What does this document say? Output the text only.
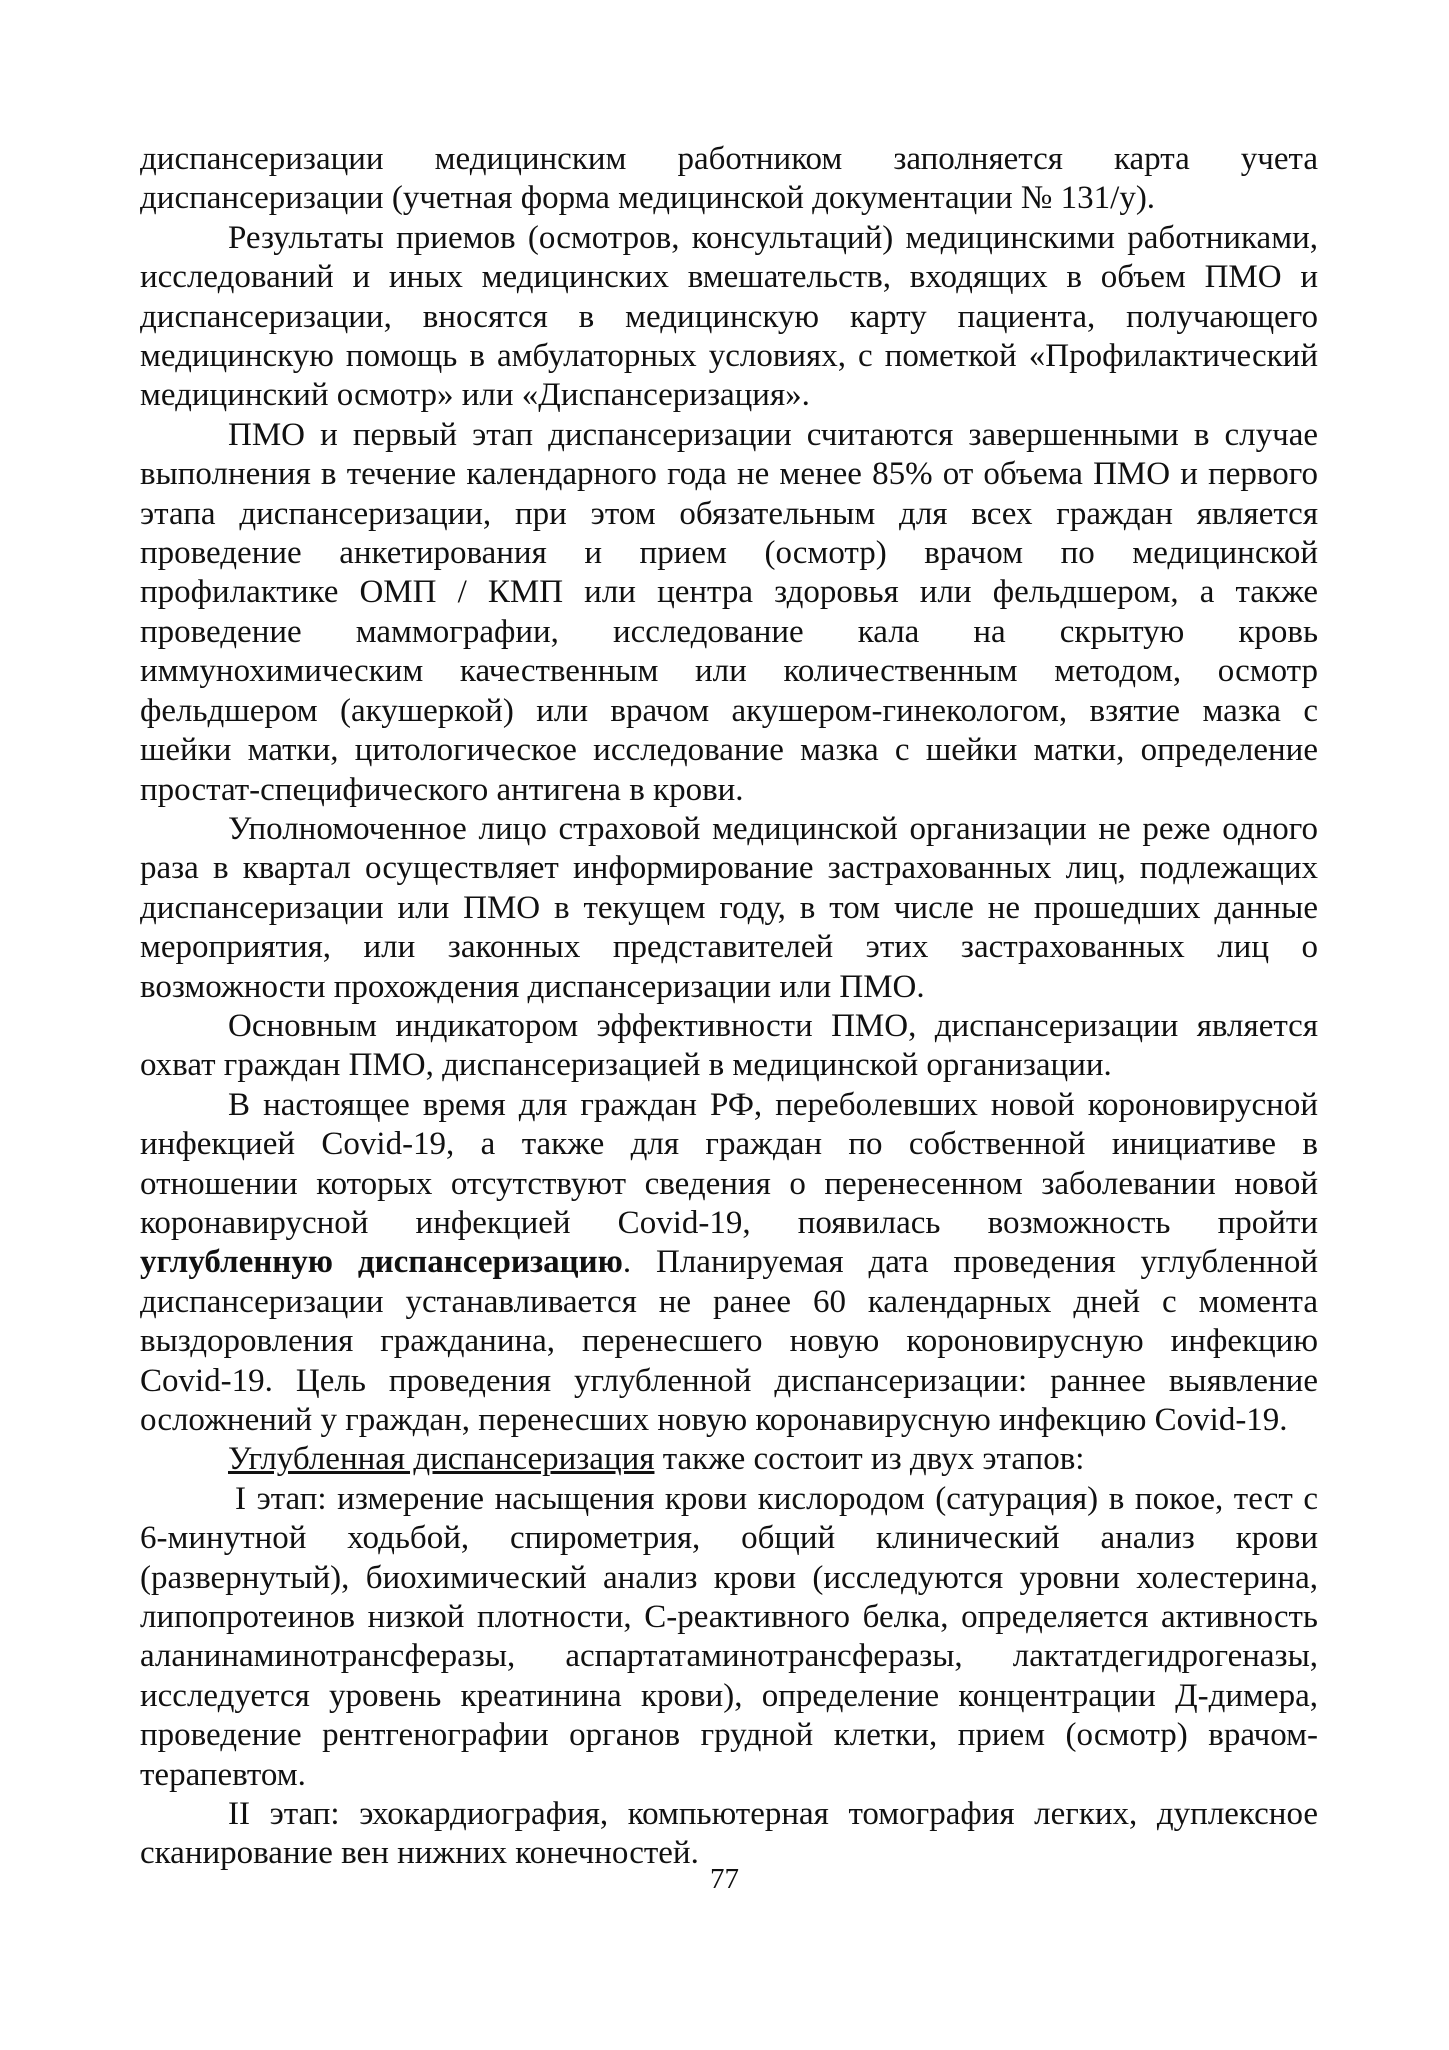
диспансеризации медицинским работником заполняется карта учета диспансеризации (учетная форма медицинской документации № 131/у).

Результаты приемов (осмотров, консультаций) медицинскими работниками, исследований и иных медицинских вмешательств, входящих в объем ПМО и диспансеризации, вносятся в медицинскую карту пациента, получающего медицинскую помощь в амбулаторных условиях, с пометкой «Профилактический медицинский осмотр» или «Диспансеризация».

ПМО и первый этап диспансеризации считаются завершенными в случае выполнения в течение календарного года не менее 85% от объема ПМО и первого этапа диспансеризации, при этом обязательным для всех граждан является проведение анкетирования и прием (осмотр) врачом по медицинской профилактике ОМП / КМП или центра здоровья или фельдшером, а также проведение маммографии, исследование кала на скрытую кровь иммунохимическим качественным или количественным методом, осмотр фельдшером (акушеркой) или врачом акушером-гинекологом, взятие мазка с шейки матки, цитологическое исследование мазка с шейки матки, определение простат-специфического антигена в крови.

Уполномоченное лицо страховой медицинской организации не реже одного раза в квартал осуществляет информирование застрахованных лиц, подлежащих диспансеризации или ПМО в текущем году, в том числе не прошедших данные мероприятия, или законных представителей этих застрахованных лиц о возможности прохождения диспансеризации или ПМО.

Основным индикатором эффективности ПМО, диспансеризации является охват граждан ПМО, диспансеризацией в медицинской организации.

В настоящее время для граждан РФ, переболевших новой короновирусной инфекцией Covid-19, а также для граждан по собственной инициативе в отношении которых отсутствуют сведения о перенесенном заболевании новой коронавирусной инфекцией Covid-19, появилась возможность пройти углубленную диспансеризацию. Планируемая дата проведения углубленной диспансеризации устанавливается не ранее 60 календарных дней с момента выздоровления гражданина, перенесшего новую короновирусную инфекцию Covid-19. Цель проведения углубленной диспансеризации: раннее выявление осложнений у граждан, перенесших новую коронавирусную инфекцию Covid-19.

Углубленная диспансеризация также состоит из двух этапов:

I этап: измерение насыщения крови кислородом (сатурация) в покое, тест с 6-минутной ходьбой, спирометрия, общий клинический анализ крови (развернутый), биохимический анализ крови (исследуются уровни холестерина, липопротеинов низкой плотности, С-реактивного белка, определяется активность аланинаминотрансферазы, аспартатаминотрансферазы, лактатдегидрогеназы, исследуется уровень креатинина крови), определение концентрации Д-димера, проведение рентгенографии органов грудной клетки, прием (осмотр) врачом-терапевтом.

II этап: эхокардиография, компьютерная томография легких, дуплексное сканирование вен нижних конечностей.

77
